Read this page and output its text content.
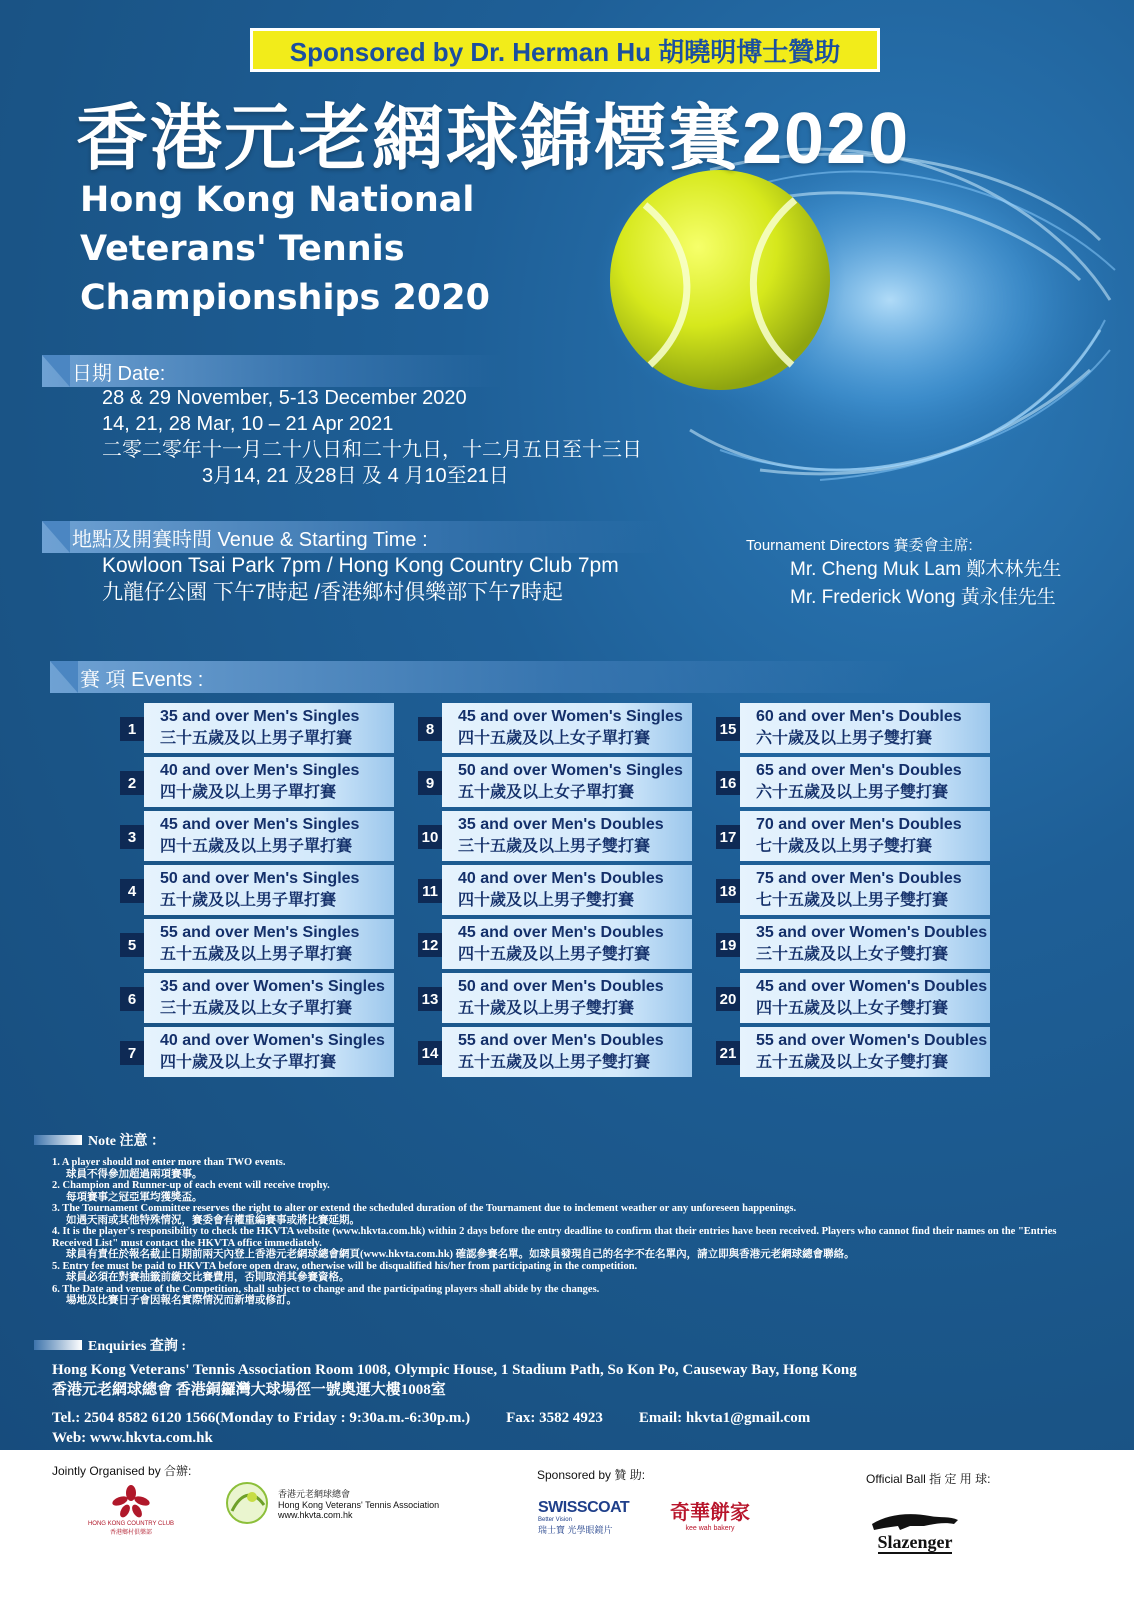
Sponsored by Dr. Herman Hu 胡曉明博士贊助
香港元老網球錦標賽2020
Hong Kong National
Veterans' Tennis
Championships 2020
日期 Date:
28 & 29 November, 5-13 December 2020
14, 21, 28 Mar, 10 – 21 Apr 2021
二零二零年十一月二十八日和二十九日，十二月五日至十三日
3月14, 21 及28日 及 4 月10至21日
地點及開賽時間 Venue & Starting Time :
Kowloon Tsai Park 7pm / Hong Kong Country Club 7pm
九龍仔公園 下午7時起 /香港鄉村俱樂部下午7時起
Tournament Directors 賽委會主席:
Mr. Cheng Muk Lam 鄭木林先生
Mr. Frederick Wong 黃永佳先生
賽 項 Events :
1
35 and over Men's Singles
三十五歲及以上男子單打賽
2
40 and over Men's Singles
四十歲及以上男子單打賽
3
45 and over Men's Singles
四十五歲及以上男子單打賽
4
50 and over Men's Singles
五十歲及以上男子單打賽
5
55 and over Men's Singles
五十五歲及以上男子單打賽
6
35 and over Women's Singles
三十五歲及以上女子單打賽
7
40 and over Women's Singles
四十歲及以上女子單打賽
8
45 and over Women's Singles
四十五歲及以上女子單打賽
9
50 and over Women's Singles
五十歲及以上女子單打賽
10
35 and over Men's Doubles
三十五歲及以上男子雙打賽
11
40 and over Men's Doubles
四十歲及以上男子雙打賽
12
45 and over Men's Doubles
四十五歲及以上男子雙打賽
13
50 and over Men's Doubles
五十歲及以上男子雙打賽
14
55 and over Men's Doubles
五十五歲及以上男子雙打賽
15
60 and over Men's Doubles
六十歲及以上男子雙打賽
16
65 and over Men's Doubles
六十五歲及以上男子雙打賽
17
70 and over Men's Doubles
七十歲及以上男子雙打賽
18
75 and over Men's Doubles
七十五歲及以上男子雙打賽
19
35 and over Women's Doubles
三十五歲及以上女子雙打賽
20
45 and over Women's Doubles
四十五歲及以上女子雙打賽
21
55 and over Women's Doubles
五十五歲及以上女子雙打賽
Note 注意 ：
1. A player should not enter more than TWO events.
球員不得參加超過兩項賽事。
2. Champion and Runner-up of each event will receive trophy.
每項賽事之冠亞軍均獲獎盃。
3. The Tournament Committee reserves the right to alter or extend the scheduled duration of the Tournament due to inclement weather or any unforeseen happenings.
如遇天雨或其他特殊情況，賽委會有權重編賽事或將比賽延期。
4. It is the player's responsibility to check the HKVTA website (www.hkvta.com.hk) within 2 days before the entry deadline to confirm that their entries have been received. Players who cannot find their names on the "Entries Received List" must contact the HKVTA office immediately.
球員有責任於報名截止日期前兩天內登上香港元老網球總會網頁(www.hkvta.com.hk) 確認參賽名單。如球員發現自己的名字不在名單內，請立即與香港元老網球總會聯絡。
5. Entry fee must be paid to HKVTA before open draw, otherwise will be disqualified his/her from participating in the competition.
球員必須在對賽抽籤前繳交比賽費用，否則取消其參賽資格。
6. The Date and venue of the Competition, shall subject to change and the participating players shall abide by the changes.
場地及比賽日子會因報名實際情況而新增或修訂。
Enquiries 查詢 :
Hong Kong Veterans' Tennis Association Room 1008, Olympic House, 1 Stadium Path, So Kon Po, Causeway Bay, Hong Kong
香港元老網球總會 香港銅鑼灣大球場徑一號奧運大樓1008室
Tel.: 2504 8582 6120 1566(Monday to Friday : 9:30a.m.-6:30p.m.) Fax: 3582 4923 Email: hkvta1@gmail.com
Web: www.hkvta.com.hk
Jointly Organised by 合辦:	Sponsored by 贊 助:	Official Ball 指 定 用 球:
HONG KONG COUNTRY CLUB
香港鄉村俱樂部
香港元老網球總會
Hong Kong Veterans' Tennis Association
www.hkvta.com.hk	SWISSCOAT
Better Vision
瑞士寶 光學眼鏡片
奇華餅家
kee wah bakery
Slazenger
